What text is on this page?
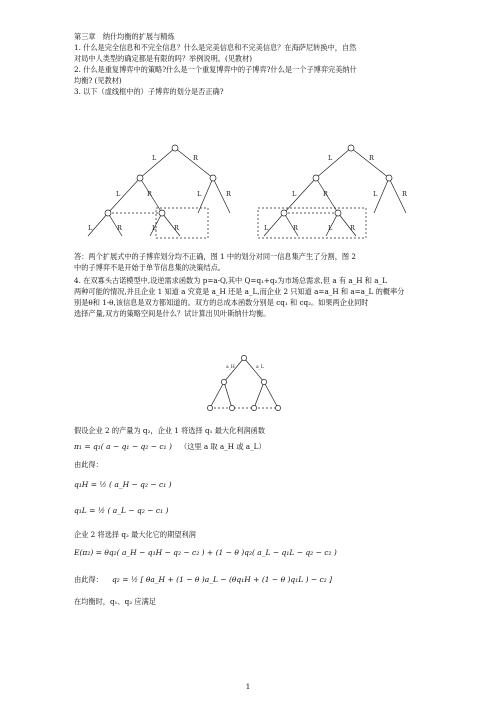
第三章　纳什均衡的扩展与精炼
1. 什么是完全信息和不完全信息？什么是完美信息和不完美信息？在海萨尼转换中，自然
对局中人类型的确定都是有限的吗？举例说明。(见教材)
2. 什么是重复博弈中的策略?什么是一个重复博弈中的子博弈?什么是一个子博弈完美纳什
均衡? (见教材)
3. 以下（虚线框中的）子博弈的划分是否正确?
L	R
L	R	L	R
L	R	L	R
L	R
L	R	L	R
L	R	L	R
答：两个扩展式中的子博弈划分均不正确，图 1 中的划分对同一信息集产生了分割，图 2
中的子博弈不是开始于单节信息集的决策结点。
4. 在双寡头古诺模型中,设逆需求函数为 p=a-Q,其中 Q=q₁+q₂为市场总需求,但 a 有 a_H 和 a_L
两种可能的情况,并且企业 1 知道 a 究竟是 a_H 还是 a_L,而企业 2 只知道 a=a_H 和 a=a_L 的概率分
别是θ和 1-θ,该信息是双方都知道的。双方的总成本函数分别是 cq₁ 和 cq₂。如果两企业同时
选择产量,双方的策略空间是什么？试计算出贝叶斯纳什均衡。
a_H	a_L
假设企业 2 的产量为 q₂，企业 1 将选择 q₁ 最大化利润函数
π₁ = q₁( a − q₁ − q₂ − c₁ ) （这里 a 取 a_H 或 a_L）
由此得：
q₁H = ½ ( a_H − q₂ − c₁ )
q₁L = ½ ( a_L − q₂ − c₁ )
企业 2 将选择 q₂ 最大化它的期望利润
E(π₂) = θq₂( a_H − q₁H − q₂ − c₂ ) + (1 − θ )q₂( a_L − q₁L − q₂ − c₂ )
由此得： q₂ = ½ [ θa_H + (1 − θ )a_L − (θq₁H + (1 − θ )q₁L ) − c₂ ]
在均衡时，q₁、q₂ 应满足
1
